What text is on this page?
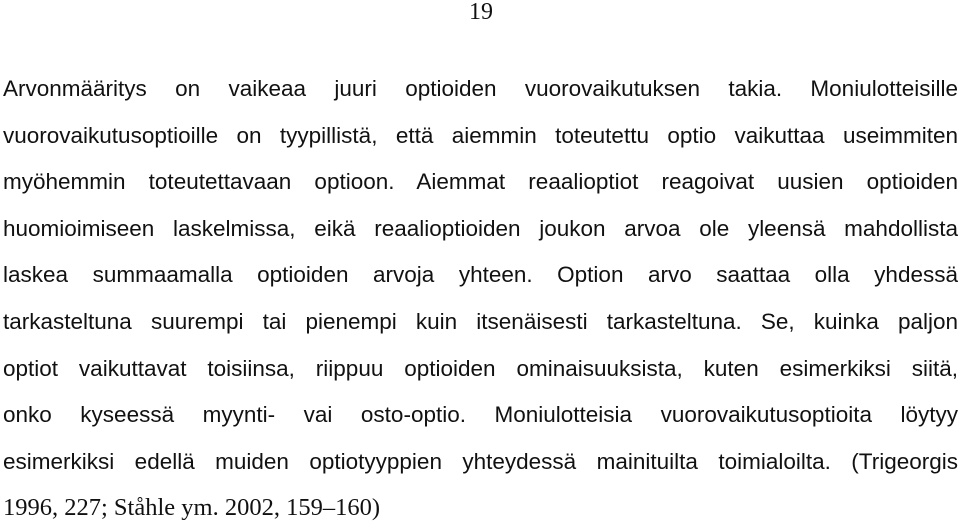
19
Arvonmääritys on vaikeaa juuri optioiden vuorovaikutuksen takia. Moniulotteisille
vuorovaikutusoptioille on tyypillistä, että aiemmin toteutettu optio vaikuttaa useimmiten
myöhemmin toteutettavaan optioon. Aiemmat reaalioptiot reagoivat uusien optioiden
huomioimiseen laskelmissa, eikä reaalioptioiden joukon arvoa ole yleensä mahdollista
laskea summaamalla optioiden arvoja yhteen. Option arvo saattaa olla yhdessä
tarkasteltuna suurempi tai pienempi kuin itsenäisesti tarkasteltuna. Se, kuinka paljon
optiot vaikuttavat toisiinsa, riippuu optioiden ominaisuuksista, kuten esimerkiksi siitä,
onko kyseessä myynti- vai osto-optio. Moniulotteisia vuorovaikutusoptioita löytyy
esimerkiksi edellä muiden optiotyyppien yhteydessä mainituilta toimialoilta. (Trigeorgis
1996, 227; Ståhle ym. 2002, 159–160)
